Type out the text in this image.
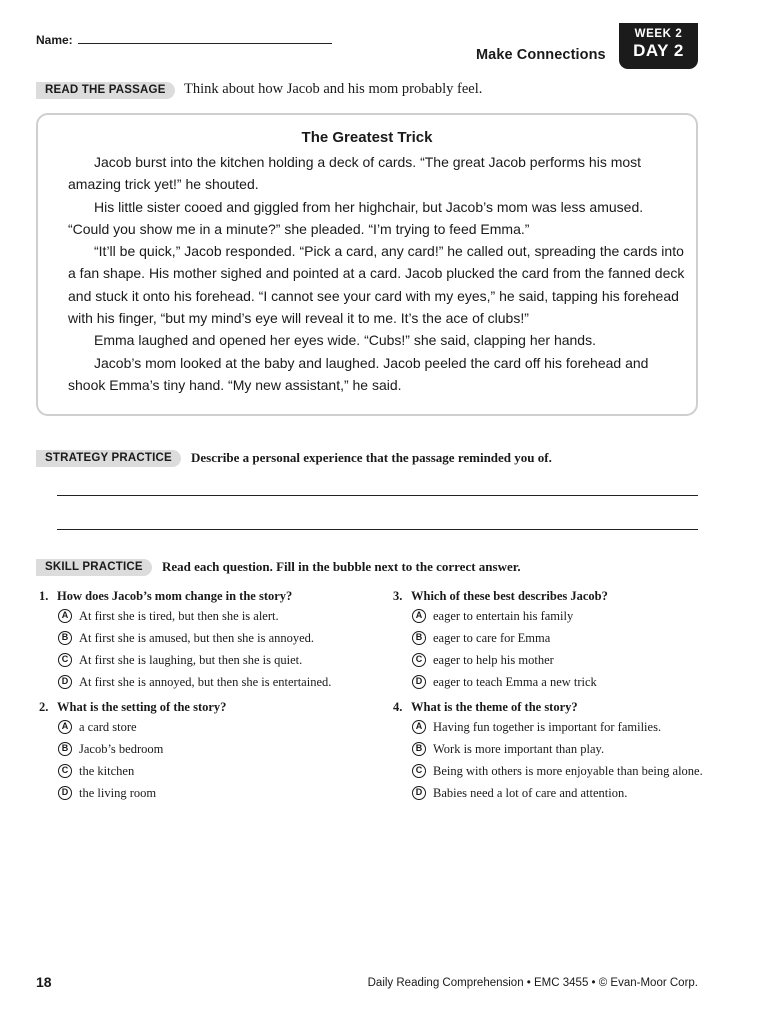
Name:
Make Connections
WEEK 2
DAY 2
READ THE PASSAGE	Think about how Jacob and his mom probably feel.
The Greatest Trick

Jacob burst into the kitchen holding a deck of cards. “The great Jacob performs his most amazing trick yet!” he shouted.

His little sister cooed and giggled from her highchair, but Jacob’s mom was less amused. “Could you show me in a minute?” she pleaded. “I’m trying to feed Emma.”

“It’ll be quick,” Jacob responded. “Pick a card, any card!” he called out, spreading the cards into a fan shape. His mother sighed and pointed at a card. Jacob plucked the card from the fanned deck and stuck it onto his forehead. “I cannot see your card with my eyes,” he said, tapping his forehead with his finger, “but my mind’s eye will reveal it to me. It’s the ace of clubs!”

Emma laughed and opened her eyes wide. “Cubs!” she said, clapping her hands.

Jacob’s mom looked at the baby and laughed. Jacob peeled the card off his forehead and shook Emma’s tiny hand. “My new assistant,” he said.

STRATEGY PRACTICE	Describe a personal experience that the passage reminded you of.
SKILL PRACTICE	Read each question. Fill in the bubble next to the correct answer.
1. How does Jacob’s mom change in the story?
A At first she is tired, but then she is alert.
B At first she is amused, but then she is annoyed.
C At first she is laughing, but then she is quiet.
D At first she is annoyed, but then she is entertained.
2. What is the setting of the story?
A a card store
B Jacob’s bedroom
C the kitchen
D the living room
3. Which of these best describes Jacob?
A eager to entertain his family
B eager to care for Emma
C eager to help his mother
D eager to teach Emma a new trick
4. What is the theme of the story?
A Having fun together is important for families.
B Work is more important than play.
C Being with others is more enjoyable than being alone.
D Babies need a lot of care and attention.
18	Daily Reading Comprehension • EMC 3455 • © Evan-Moor Corp.
